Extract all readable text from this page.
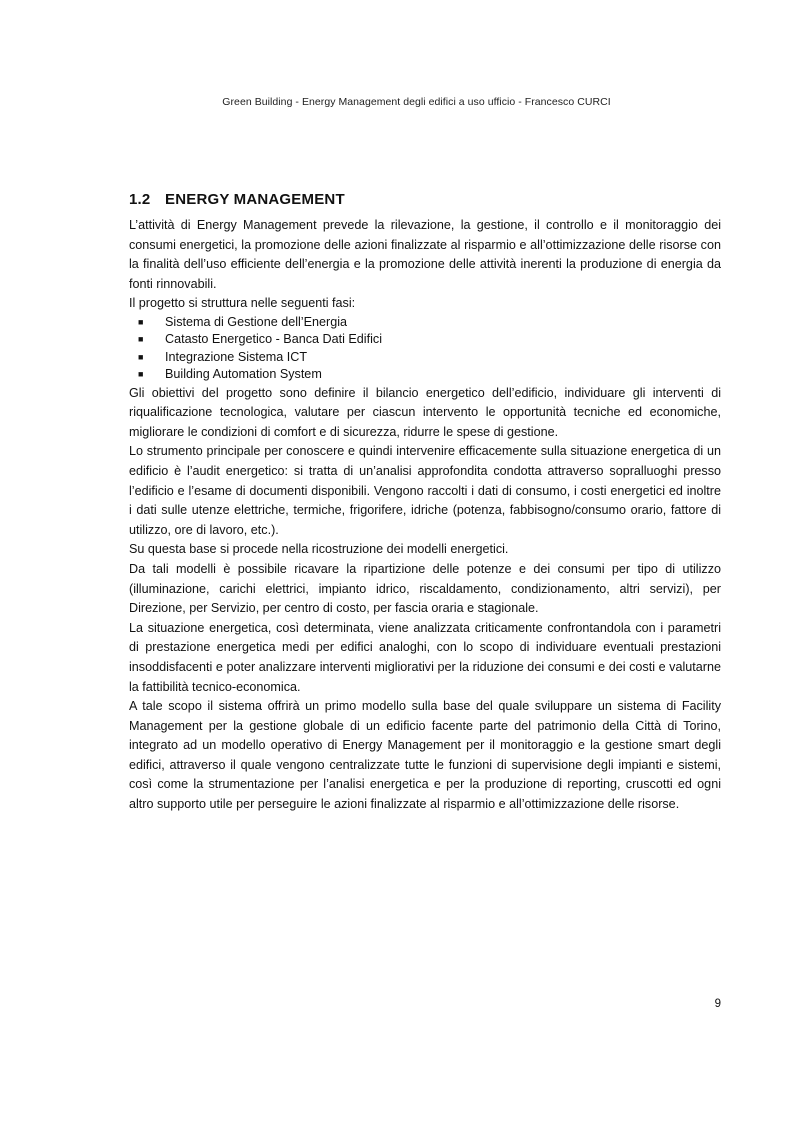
Green Building - Energy Management degli edifici a uso ufficio - Francesco CURCI
1.2 ENERGY MANAGEMENT

L’attività di Energy Management prevede la rilevazione, la gestione, il controllo e il monitoraggio dei consumi energetici, la promozione delle azioni finalizzate al risparmio e all’ottimizzazione delle risorse con la finalità dell’uso efficiente dell’energia e la promozione delle attività inerenti la produzione di energia da fonti rinnovabili.

Il progetto si struttura nelle seguenti fasi:

■ Sistema di Gestione dell’Energia
■ Catasto Energetico - Banca Dati Edifici
■ Integrazione Sistema ICT
■ Building Automation System

Gli obiettivi del progetto sono definire il bilancio energetico dell’edificio, individuare gli interventi di riqualificazione tecnologica, valutare per ciascun intervento le opportunità tecniche ed economiche, migliorare le condizioni di comfort e di sicurezza, ridurre le spese di gestione.

Lo strumento principale per conoscere e quindi intervenire efficacemente sulla situazione energetica di un edificio è l’audit energetico: si tratta di un’analisi approfondita condotta attraverso sopralluoghi presso l’edificio e l’esame di documenti disponibili. Vengono raccolti i dati di consumo, i costi energetici ed inoltre i dati sulle utenze elettriche, termiche, frigorifere, idriche (potenza, fabbisogno/consumo orario, fattore di utilizzo, ore di lavoro, etc.).

Su questa base si procede nella ricostruzione dei modelli energetici.

Da tali modelli è possibile ricavare la ripartizione delle potenze e dei consumi per tipo di utilizzo (illuminazione, carichi elettrici, impianto idrico, riscaldamento, condizionamento, altri servizi), per Direzione, per Servizio, per centro di costo, per fascia oraria e stagionale.

La situazione energetica, così determinata, viene analizzata criticamente confrontandola con i parametri di prestazione energetica medi per edifici analoghi, con lo scopo di individuare eventuali prestazioni insoddisfacenti e poter analizzare interventi migliorativi per la riduzione dei consumi e dei costi e valutarne la fattibilità tecnico-economica.

A tale scopo il sistema offrirà un primo modello sulla base del quale sviluppare un sistema di Facility Management per la gestione globale di un edificio facente parte del patrimonio della Città di Torino, integrato ad un modello operativo di Energy Management per il monitoraggio e la gestione smart degli edifici, attraverso il quale vengono centralizzate tutte le funzioni di supervisione degli impianti e sistemi, così come la strumentazione per l’analisi energetica e per la produzione di reporting, cruscotti ed ogni altro supporto utile per perseguire le azioni finalizzate al risparmio e all’ottimizzazione delle risorse.

9
